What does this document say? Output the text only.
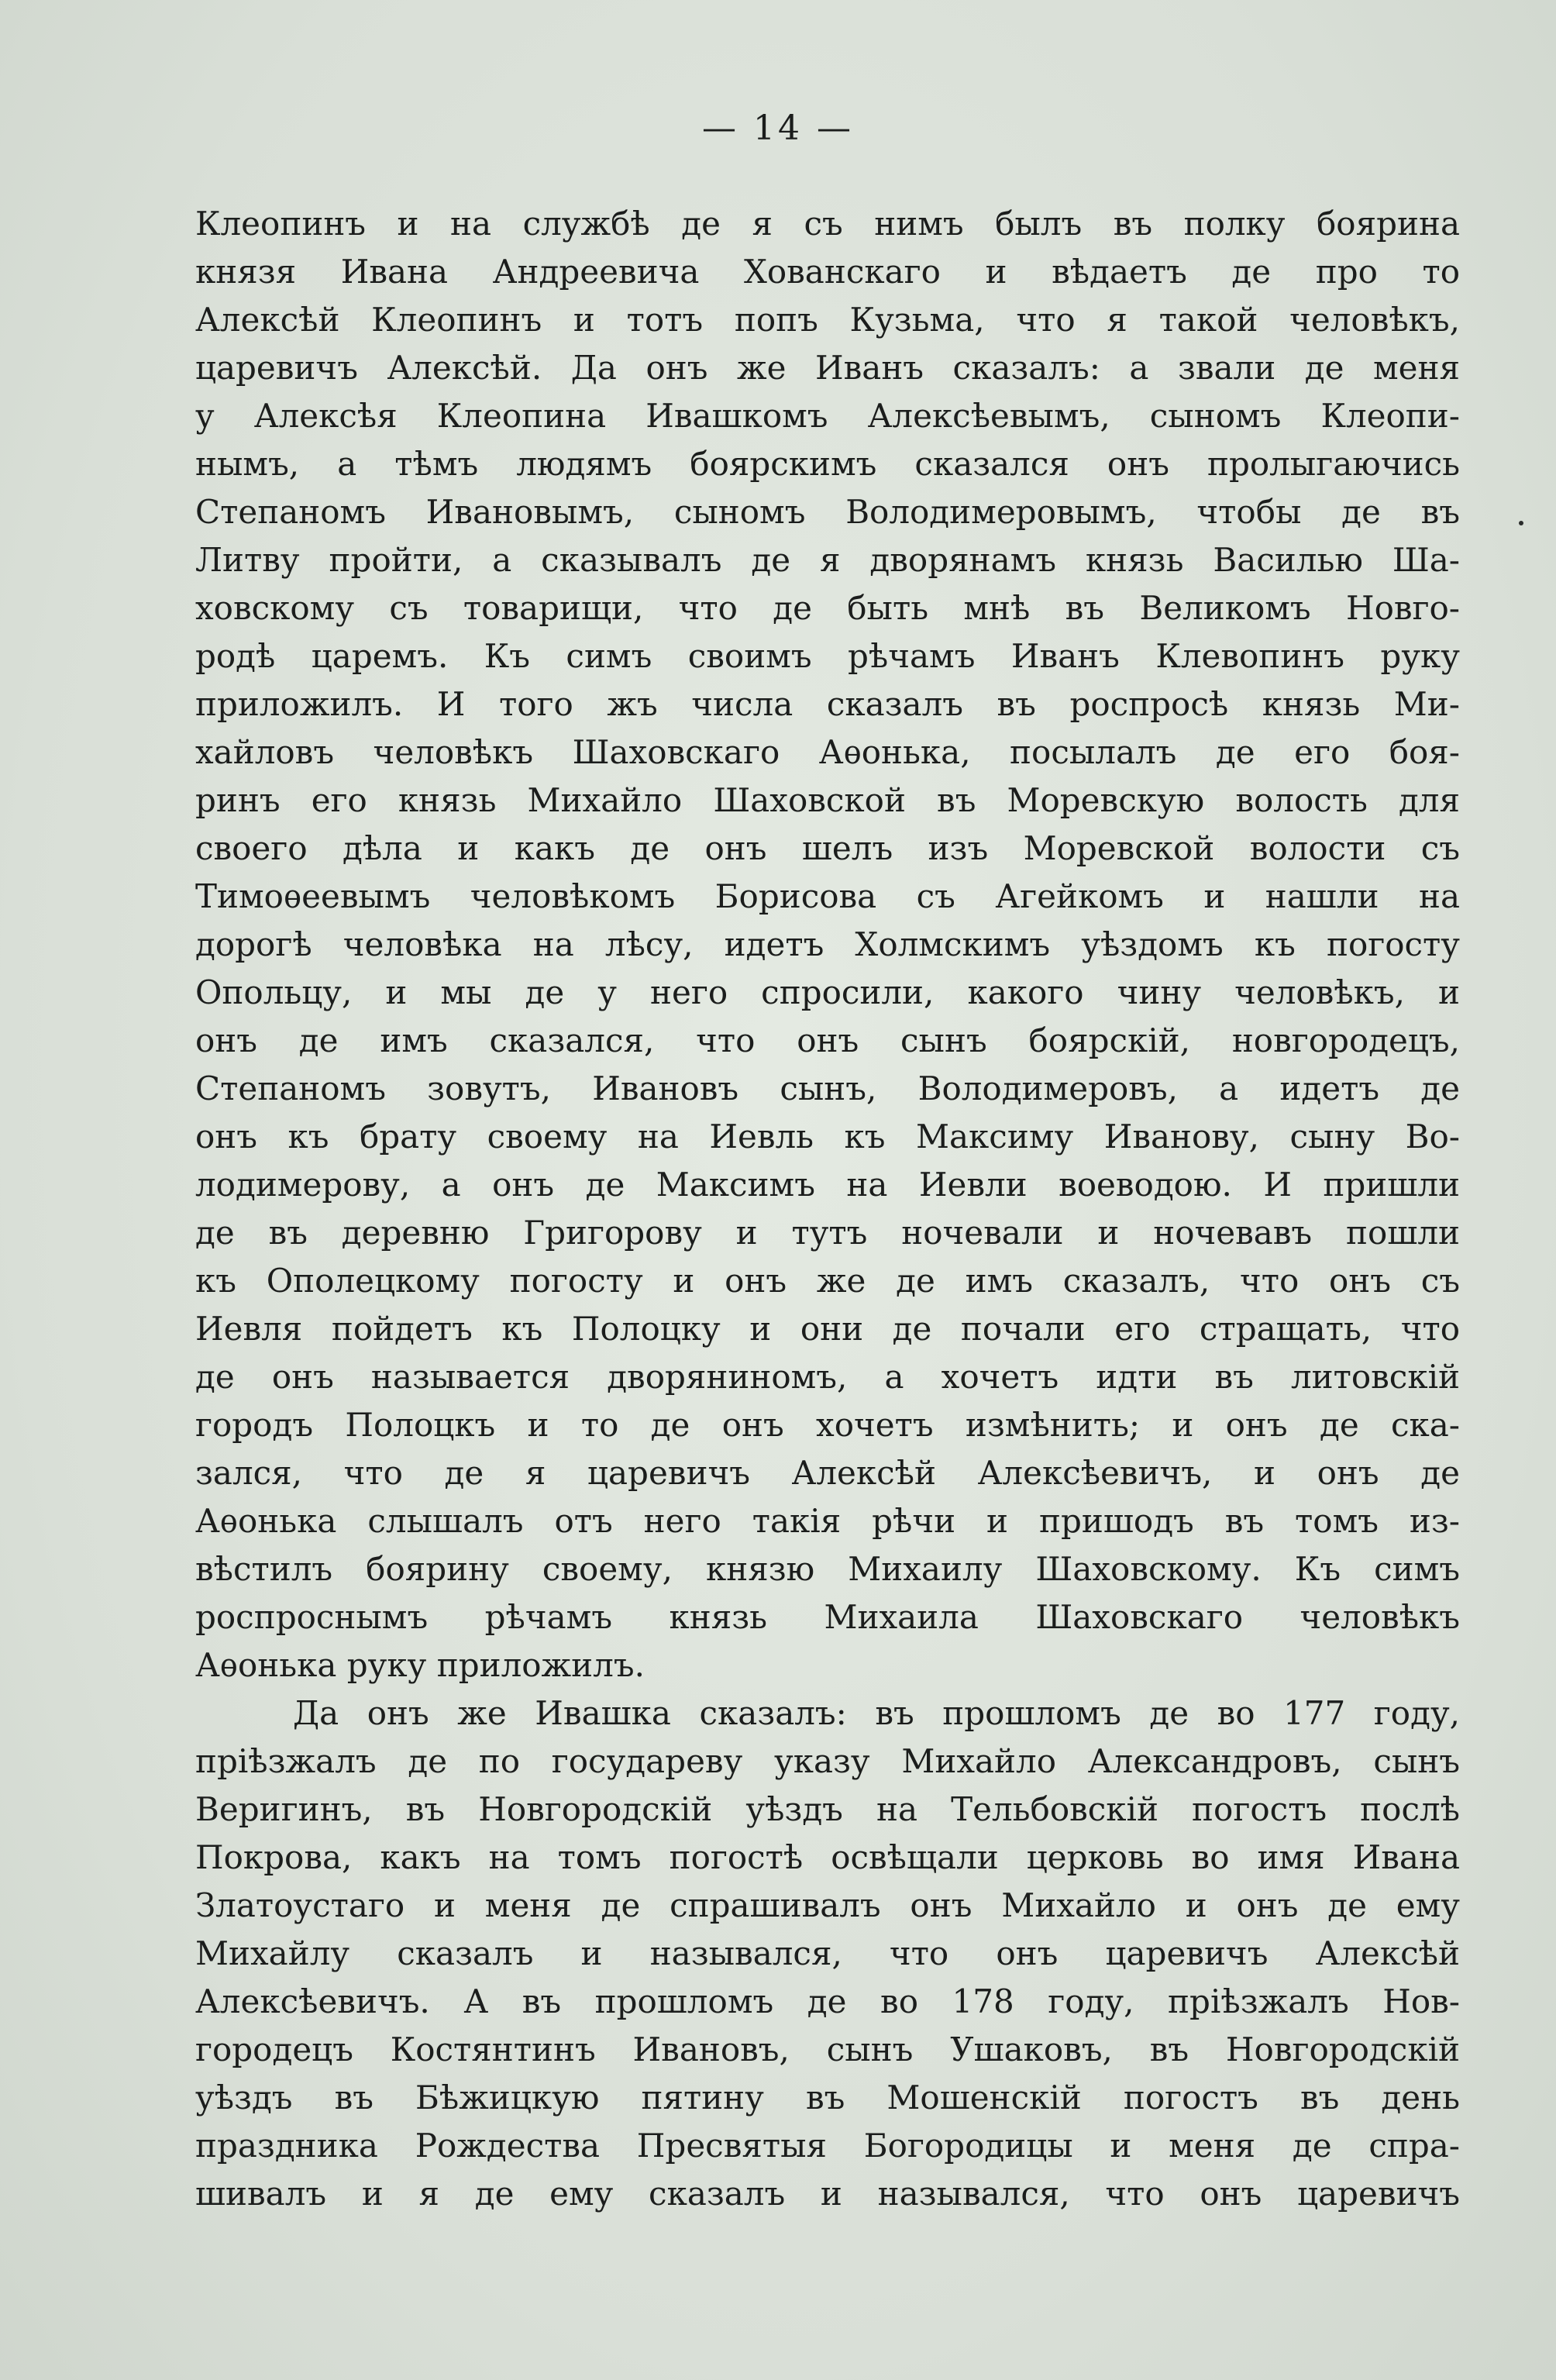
— 14 —
Клеопинъ и на службѣ де я съ нимъ былъ въ полку боярина
князя Ивана Андреевича Хованскаго и вѣдаетъ де про то
Алексѣй Клеопинъ и тотъ попъ Кузьма, что я такой человѣкъ,
царевичъ Алексѣй. Да онъ же Иванъ сказалъ: а звали де меня
у Алексѣя Клеопина Ивашкомъ Алексѣевымъ, сыномъ Клеопи-
нымъ, а тѣмъ людямъ боярскимъ сказался онъ пролыгаючись
Степаномъ Ивановымъ, сыномъ Володимеровымъ, чтобы де въ
Литву пройти, а сказывалъ де я дворянамъ князь Василью Ша-
ховскому съ товарищи, что де быть мнѣ въ Великомъ Новго-
родѣ царемъ. Къ симъ своимъ рѣчамъ Иванъ Клевопинъ руку
приложилъ. И того жъ числа сказалъ въ роспросѣ князь Ми-
хайловъ человѣкъ Шаховскаго Аѳонька, посылалъ де его боя-
ринъ его князь Михайло Шаховской въ Моревскую волость для
своего дѣла и какъ де онъ шелъ изъ Моревской волости съ
Тимоѳеевымъ человѣкомъ Борисова съ Агейкомъ и нашли на
дорогѣ человѣка на лѣсу, идетъ Холмскимъ уѣздомъ къ погосту
Опольцу, и мы де у него спросили, какого чину человѣкъ, и
онъ де имъ сказался, что онъ сынъ боярскій, новгородецъ,
Степаномъ зовутъ, Ивановъ сынъ, Володимеровъ, а идетъ де
онъ къ брату своему на Иевль къ Максиму Иванову, сыну Во-
лодимерову, а онъ де Максимъ на Иевли воеводою. И пришли
де въ деревню Григорову и тутъ ночевали и ночевавъ пошли
къ Ополецкому погосту и онъ же де имъ сказалъ, что онъ съ
Иевля пойдетъ къ Полоцку и они де почали его стращать, что
де онъ называется дворяниномъ, а хочетъ идти въ литовскій
городъ Полоцкъ и то де онъ хочетъ измѣнить; и онъ де ска-
зался, что де я царевичъ Алексѣй Алексѣевичъ, и онъ де
Аѳонька слышалъ отъ него такія рѣчи и пришодъ въ томъ из-
вѣстилъ боярину своему, князю Михаилу Шаховскому. Къ симъ
роспроснымъ рѣчамъ князь Михаила Шаховскаго человѣкъ
Аѳонька руку приложилъ.
Да онъ же Ивашка сказалъ: въ прошломъ де во 177 году,
пріѣзжалъ де по государеву указу Михайло Александровъ, сынъ
Веригинъ, въ Новгородскій уѣздъ на Тельбовскій погостъ послѣ
Покрова, какъ на томъ погостѣ освѣщали церковь во имя Ивана
Златоустаго и меня де спрашивалъ онъ Михайло и онъ де ему
Михайлу сказалъ и назывался, что онъ царевичъ Алексѣй
Алексѣевичъ. А въ прошломъ де во 178 году, пріѣзжалъ Нов-
городецъ Костянтинъ Ивановъ, сынъ Ушаковъ, въ Новгородскій
уѣздъ въ Бѣжицкую пятину въ Мошенскій погостъ въ день
праздника Рождества Пресвятыя Богородицы и меня де спра-
шивалъ и я де ему сказалъ и назывался, что онъ царевичъ
